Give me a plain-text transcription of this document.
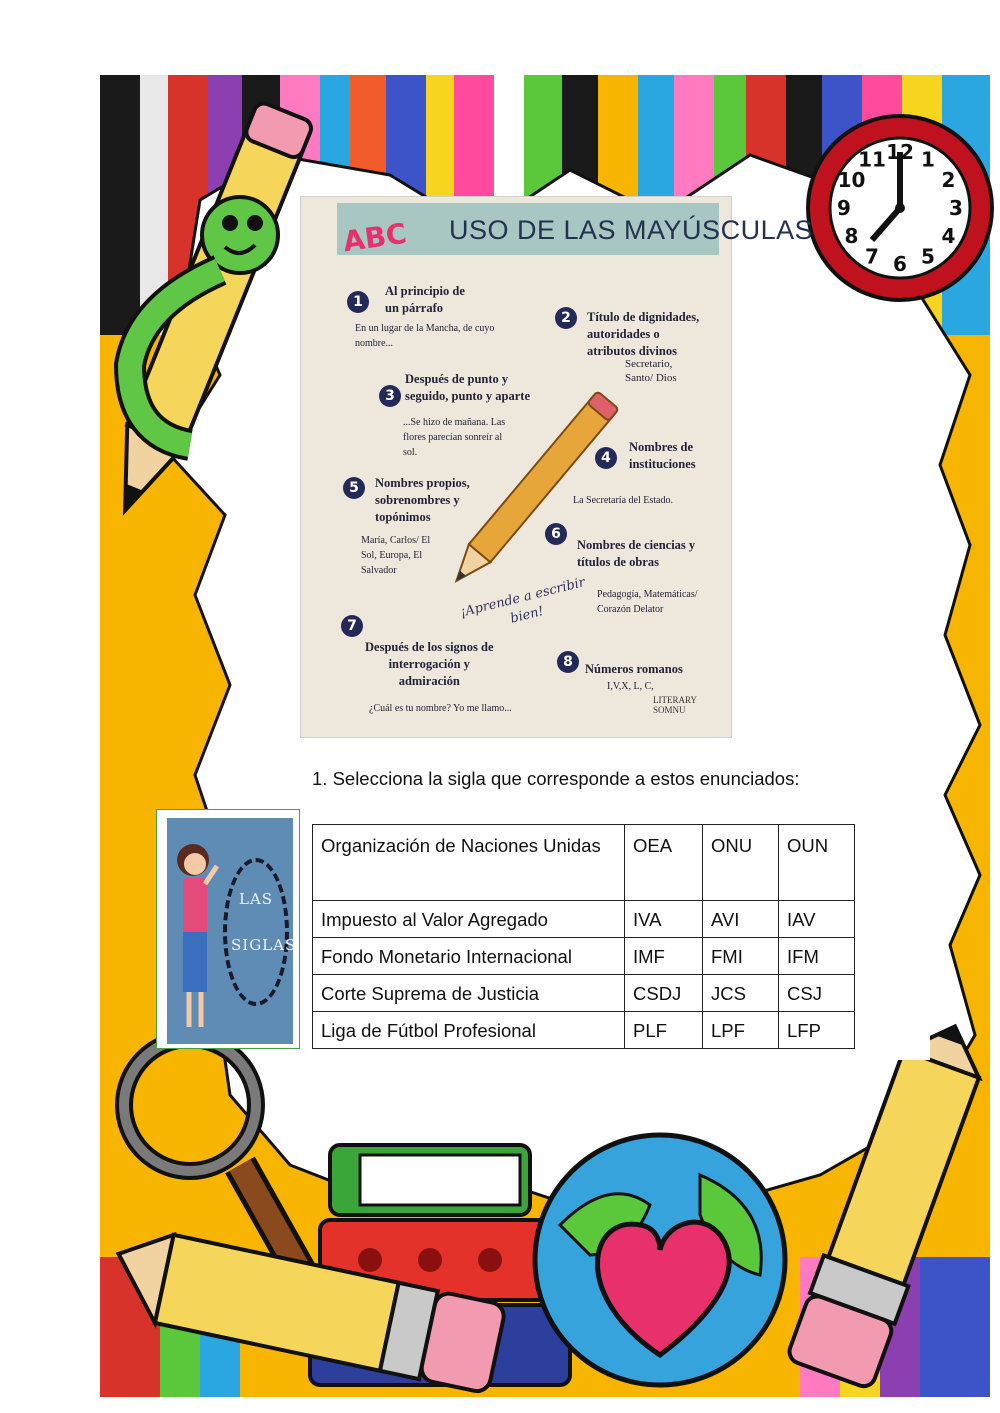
12 1
2
3
4
5
6
7
8
9
10
11
ABC USO DE LAS MAYÚSCULAS
1
Al principio de
un párrafo
En un lugar de la Mancha, de cuyo
nombre...
2	Título de dignidades,
autoridades o
atributos divinos
Secretario,
Santo/ Dios
3
Después de punto y
seguido, punto y aparte
...Se hizo de mañana. Las
flores parecían sonreír al
sol.	4
Nombres de
instituciones
La Secretaría del Estado.
5	Nombres propios,
sobrenombres y
topónimos
María, Carlos/ El
Sol, Europa, El
Salvador
6
Nombres de ciencias y
títulos de obras
Pedagogía, Matemáticas/
Corazón Delator
7
Después de los signos de
interrogación y
admiración
¿Cuál es tu nombre? Yo me llamo...
8 Números romanos
I,V,X, L, C,
¡Aprende a escribir
bien!
LITERARY
SOMNU
1. Selecciona la sigla que corresponde a estos enunciados:
LAS
SIGLAS
Organización de Naciones Unidas	OEA	ONU	OUN
Impuesto al Valor Agregado	IVA	AVI	IAV
Fondo Monetario Internacional	IMF	FMI	IFM
Corte Suprema de Justicia	CSDJ	JCS	CSJ
Liga de Fútbol Profesional	PLF	LPF	LFP
